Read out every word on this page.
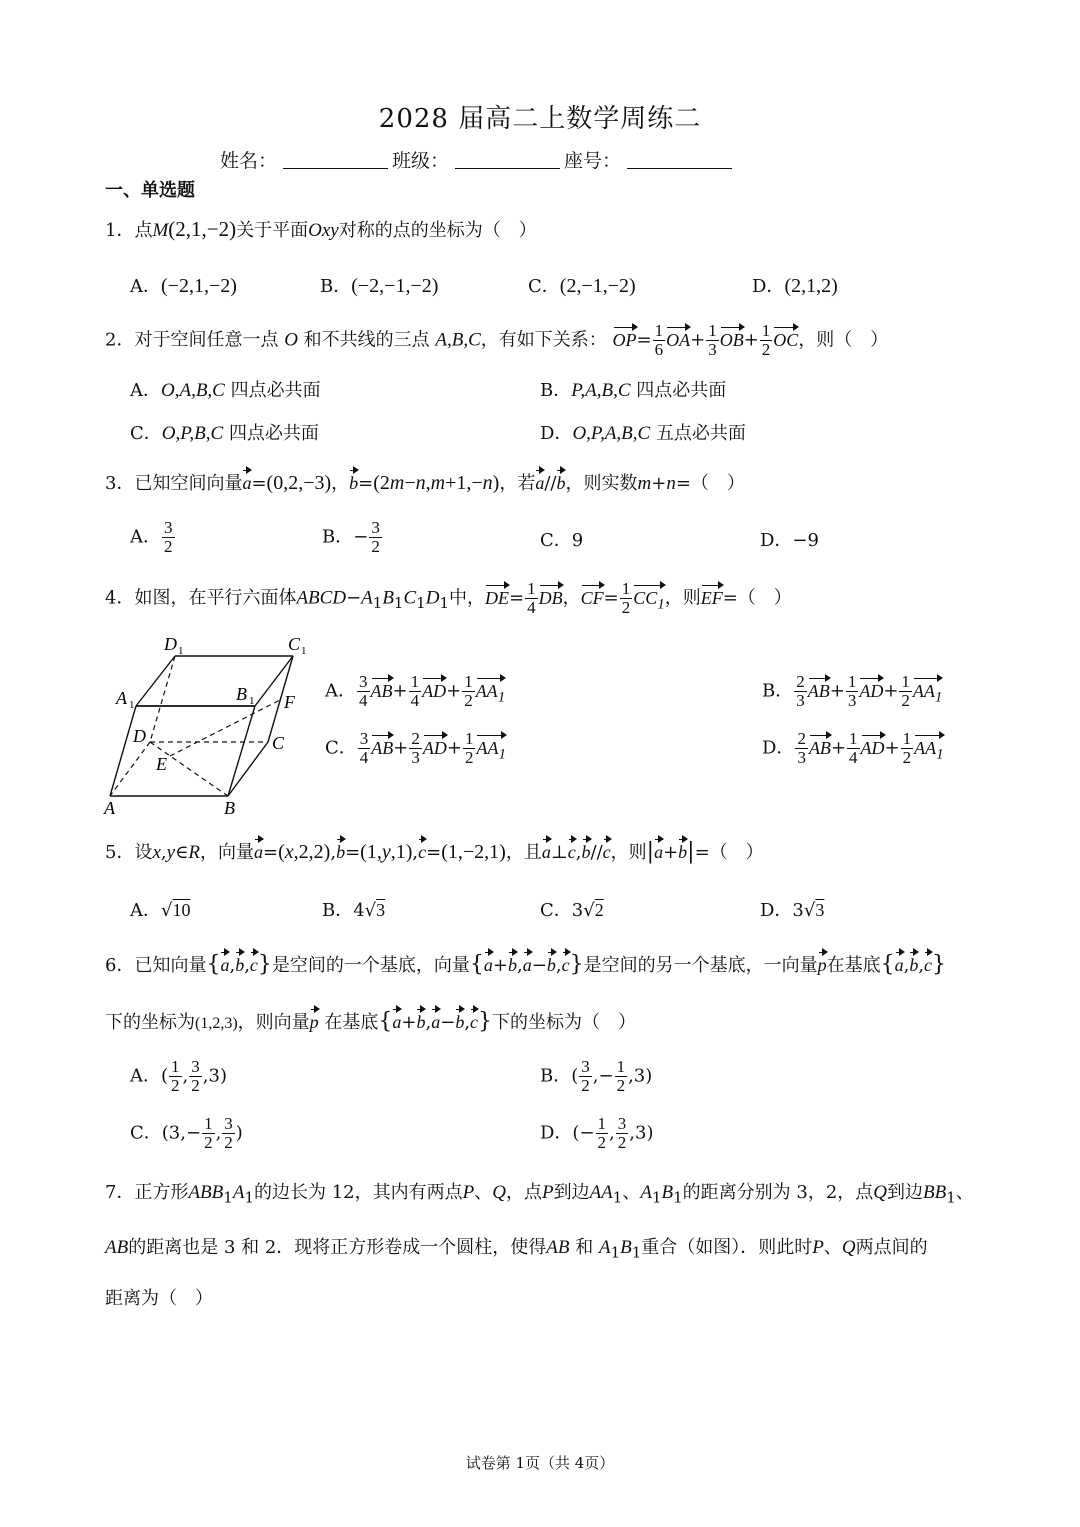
2028 届高二上数学周练二
姓名：	班级：	座号：
一、单选题
1．点M(2,1,−2)关于平面Oxy对称的点的坐标为（　）
A．(−2,1,−2)	B．(−2,−1,−2)	C．(2,−1,−2)	D．(2,1,2)
2．对于空间任意一点 O 和不共线的三点 A,B,C，有如下关系： $OP= \frac{1}{6} OA+ \frac{1}{3} OB+ \frac{1}{2}$ OC，则（　）
A．O,A,B,C 四点必共面	B．P,A,B,C 四点必共面
C．O,P,B,C 四点必共面	D．O,P,A,B,C 五点必共面
3．已知空间向量a=(0,2,−3)，b=(2m−n,m+1,−n)，若a//b，则实数m+n=（　）
A． $\frac{3}{2}$	B．− $\frac{3}{2}$	C．9	D．−9
4．如图，在平行六面体$ABCD-A_1B_1C_1D_1$中，$DE= \frac{1}{4}$ DB，$CF= \frac{1}{2} CC_1$，则EF=（　）
D 1	C 1
A 1
B 1 F
D	C
E
A	B
A． $\frac{3}{4} AB+ \frac{1}{4} AD+ \frac{1}{2} AA_1$	B． $\frac{2}{3} AB+ \frac{1}{3} AD+ \frac{1}{2} AA_1$
C． $\frac{3}{4} AB+ \frac{2}{3} AD+ \frac{1}{2} AA_1$	D． $\frac{2}{3} AB+ \frac{1}{4} AD+ \frac{1}{2} AA_1$
5．设x,y∈R，向量a=(x,2,2),b=(1,y,1),c=(1,−2,1)，且a⊥c,b//c，则|a+b|=（　）
A．√10	B．4√3	C．3√2	D．3√3
6．已知向量{a,b,c}是空间的一个基底，向量{a+b,a−b,c}是空间的另一个基底，一向量p在基底{a,b,c}
下的坐标为(1,2,3)，则向量p 在基底{a+b,a−b,c}下的坐标为（　）
A．( $\frac{1}{2}$ , $\frac{3}{2} ,3$)	B．( $\frac{3}{2}$ ,− $\frac{1}{2} ,3$)
C．($3,- \frac{1}{2}$ , $\frac{3}{2}$ )	D．(− $\frac{1}{2}$ , $\frac{3}{2} ,3$)
7．正方形$ABB_1A_1$的边长为 12，其内有两点P、Q，点P到边$AA_1$、$A_1B_1$的距离分别为 3，2，点Q到边$BB_1$、
AB的距离也是 3 和 2．现将正方形卷成一个圆柱，使得AB 和 $A_1B_1$重合（如图）．则此时P、Q两点间的
距离为（　）
试卷第 1页（共 4页）
